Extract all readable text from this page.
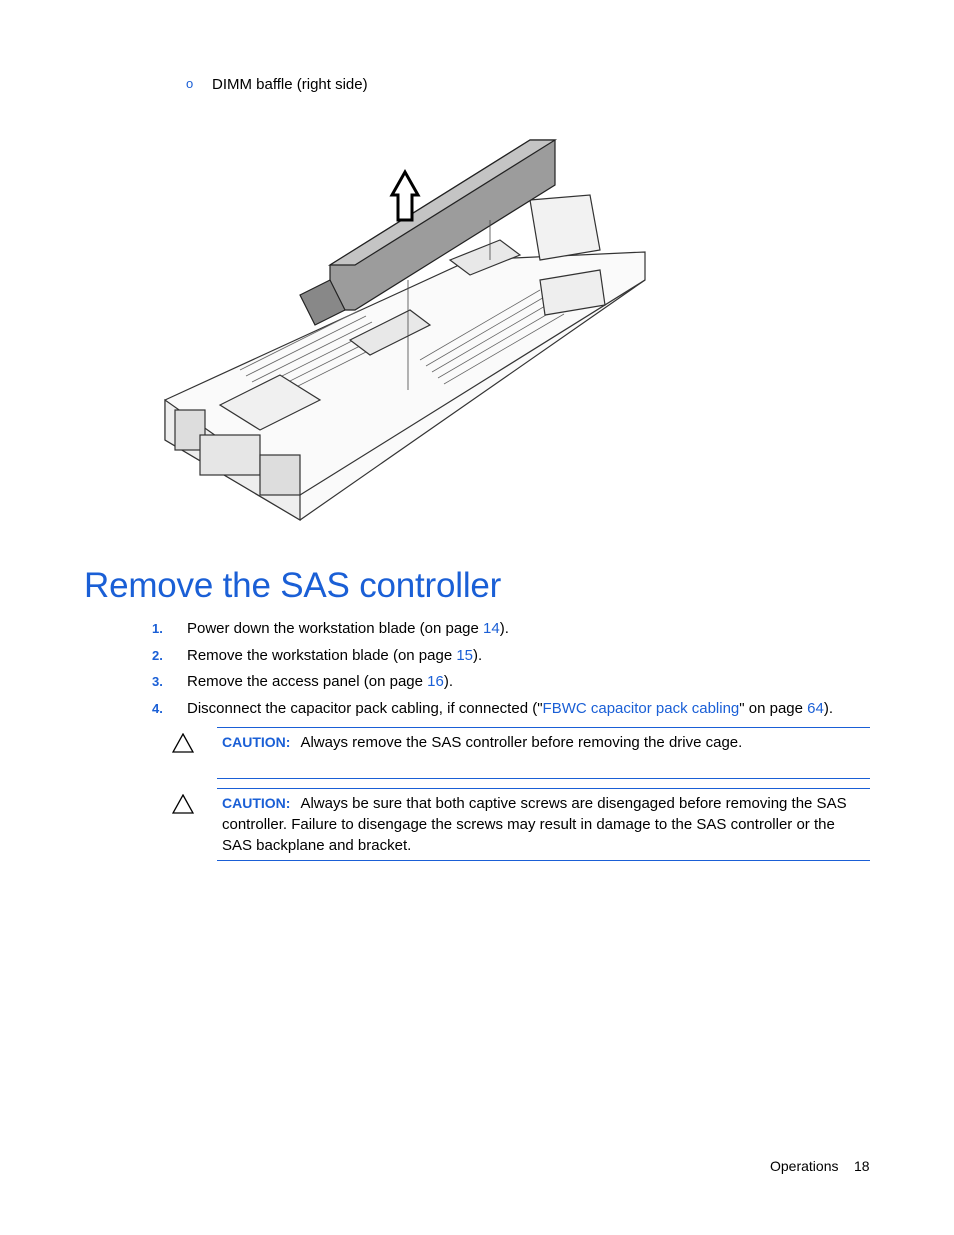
o DIMM baffle (right side)
Remove the SAS controller
1. Power down the workstation blade (on page 14).
2. Remove the workstation blade (on page 15).
3. Remove the access panel (on page 16).
4. Disconnect the capacitor pack cabling, if connected ("FBWC capacitor pack cabling" on page 64).
CAUTION: Always remove the SAS controller before removing the drive cage.
CAUTION: Always be sure that both captive screws are disengaged before removing the SAS controller. Failure to disengage the screws may result in damage to the SAS controller or the SAS backplane and bracket.
Operations 18
